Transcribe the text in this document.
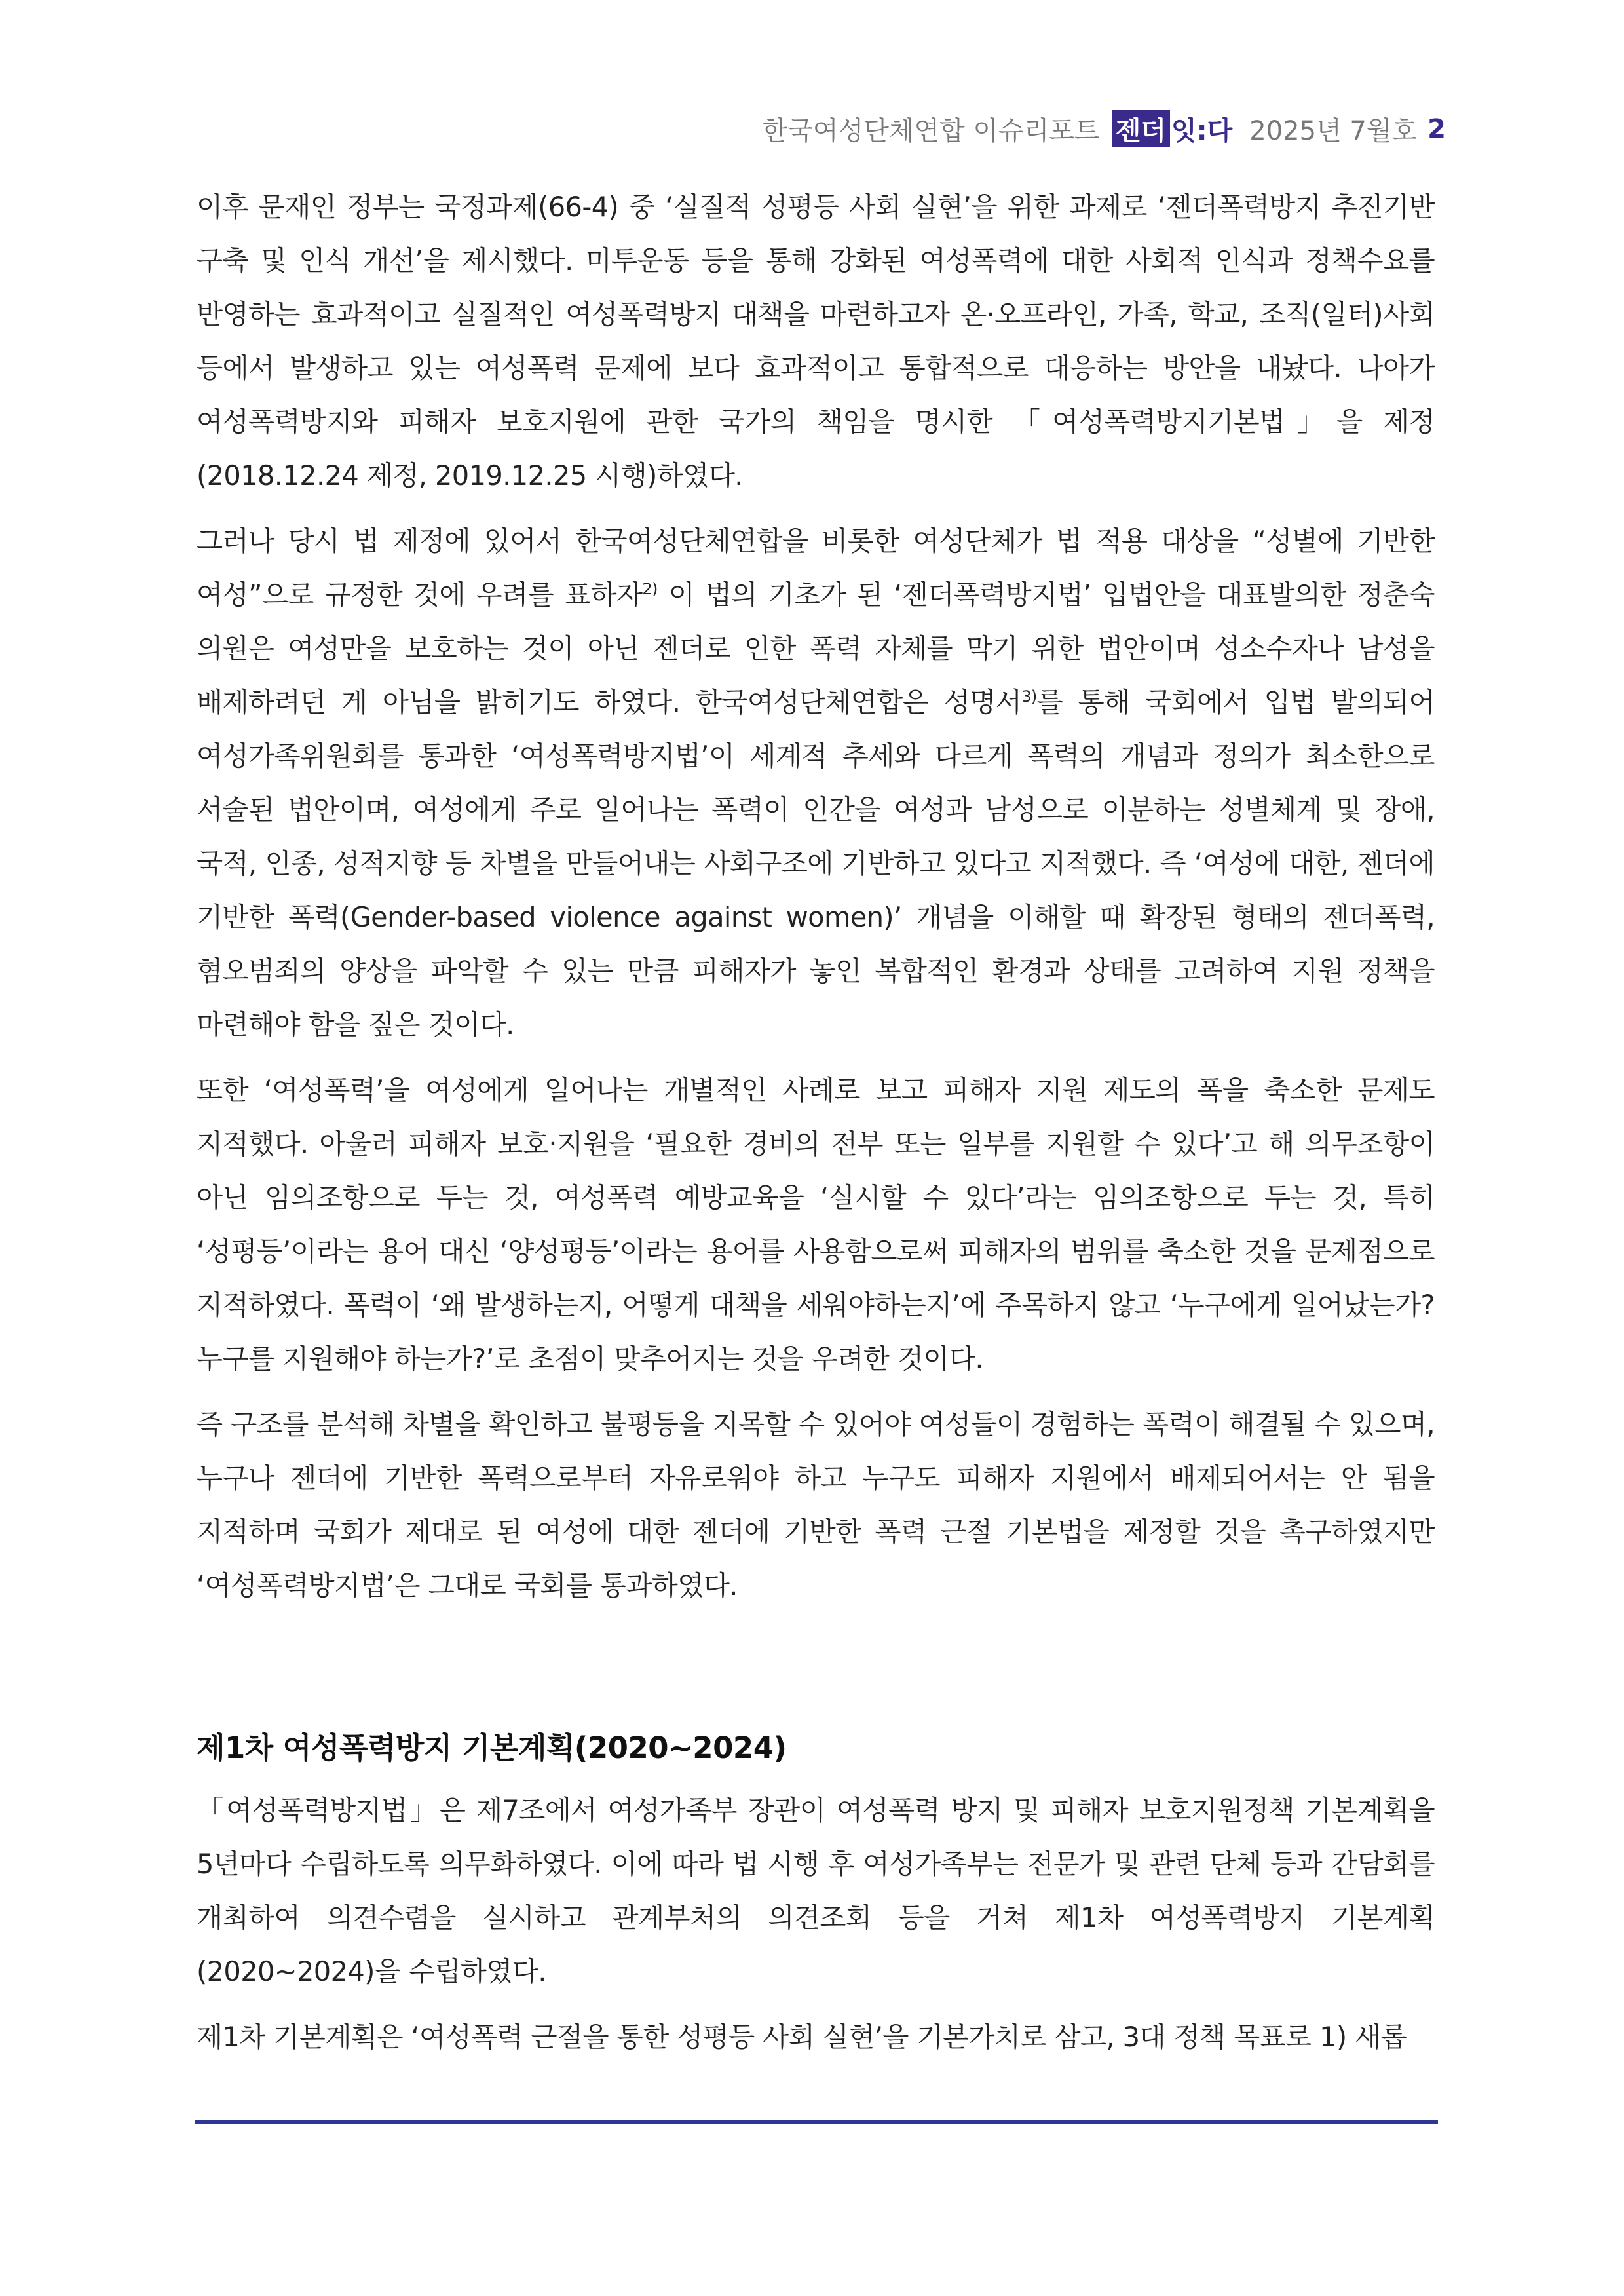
한국여성단체연합 이슈리포트 젠더 잇:다 2025년 7월호 2

이후 문재인 정부는 국정과제(66-4) 중 ‘실질적 성평등 사회 실현’을 위한 과제로 ‘젠더폭력방지 추진기반 구축 및 인식 개선’을 제시했다. 미투운동 등을 통해 강화된 여성폭력에 대한 사회적 인식과 정책수요를 반영하는 효과적이고 실질적인 여성폭력방지 대책을 마련하고자 온·오프라인, 가족, 학교, 조직(일터)사회 등에서 발생하고 있는 여성폭력 문제에 보다 효과적이고 통합적으로 대응하는 방안을 내놨다. 나아가 여성폭력방지와 피해자 보호지원에 관한 국가의 책임을 명시한 「여성폭력방지기본법」을 제정(2018.12.24 제정, 2019.12.25 시행)하였다.

그러나 당시 법 제정에 있어서 한국여성단체연합을 비롯한 여성단체가 법 적용 대상을 “성별에 기반한 여성”으로 규정한 것에 우려를 표하자$^{2)}$ 이 법의 기초가 된 ‘젠더폭력방지법’ 입법안을 대표발의한 정춘숙 의원은 여성만을 보호하는 것이 아닌 젠더로 인한 폭력 자체를 막기 위한 법안이며 성소수자나 남성을 배제하려던 게 아님을 밝히기도 하였다. 한국여성단체연합은 성명서$^{3)}$를 통해 국회에서 입법 발의되어 여성가족위원회를 통과한 ‘여성폭력방지법’이 세계적 추세와 다르게 폭력의 개념과 정의가 최소한으로 서술된 법안이며, 여성에게 주로 일어나는 폭력이 인간을 여성과 남성으로 이분하는 성별체계 및 장애, 국적, 인종, 성적지향 등 차별을 만들어내는 사회구조에 기반하고 있다고 지적했다. 즉 ‘여성에 대한, 젠더에 기반한 폭력(Gender-based violence against women)’ 개념을 이해할 때 확장된 형태의 젠더폭력, 혐오범죄의 양상을 파악할 수 있는 만큼 피해자가 놓인 복합적인 환경과 상태를 고려하여 지원 정책을 마련해야 함을 짚은 것이다.

또한 ‘여성폭력’을 여성에게 일어나는 개별적인 사례로 보고 피해자 지원 제도의 폭을 축소한 문제도 지적했다. 아울러 피해자 보호·지원을 ‘필요한 경비의 전부 또는 일부를 지원할 수 있다’고 해 의무조항이 아닌 임의조항으로 두는 것, 여성폭력 예방교육을 ‘실시할 수 있다’라는 임의조항으로 두는 것, 특히 ‘성평등’이라는 용어 대신 ‘양성평등’이라는 용어를 사용함으로써 피해자의 범위를 축소한 것을 문제점으로 지적하였다. 폭력이 ‘왜 발생하는지, 어떻게 대책을 세워야하는지’에 주목하지 않고 ‘누구에게 일어났는가? 누구를 지원해야 하는가?’로 초점이 맞추어지는 것을 우려한 것이다.

즉 구조를 분석해 차별을 확인하고 불평등을 지목할 수 있어야 여성들이 경험하는 폭력이 해결될 수 있으며, 누구나 젠더에 기반한 폭력으로부터 자유로워야 하고 누구도 피해자 지원에서 배제되어서는 안 됨을 지적하며 국회가 제대로 된 여성에 대한 젠더에 기반한 폭력 근절 기본법을 제정할 것을 촉구하였지만 ‘여성폭력방지법’은 그대로 국회를 통과하였다.

제1차 여성폭력방지 기본계획(2020~2024)

「여성폭력방지법」은 제7조에서 여성가족부 장관이 여성폭력 방지 및 피해자 보호지원정책 기본계획을 5년마다 수립하도록 의무화하였다. 이에 따라 법 시행 후 여성가족부는 전문가 및 관련 단체 등과 간담회를 개최하여 의견수렴을 실시하고 관계부처의 의견조회 등을 거쳐 제1차 여성폭력방지 기본계획(2020~2024)을 수립하였다.

제1차 기본계획은 ‘여성폭력 근절을 통한 성평등 사회 실현’을 기본가치로 삼고, 3대 정책 목표로 1) 새롭
